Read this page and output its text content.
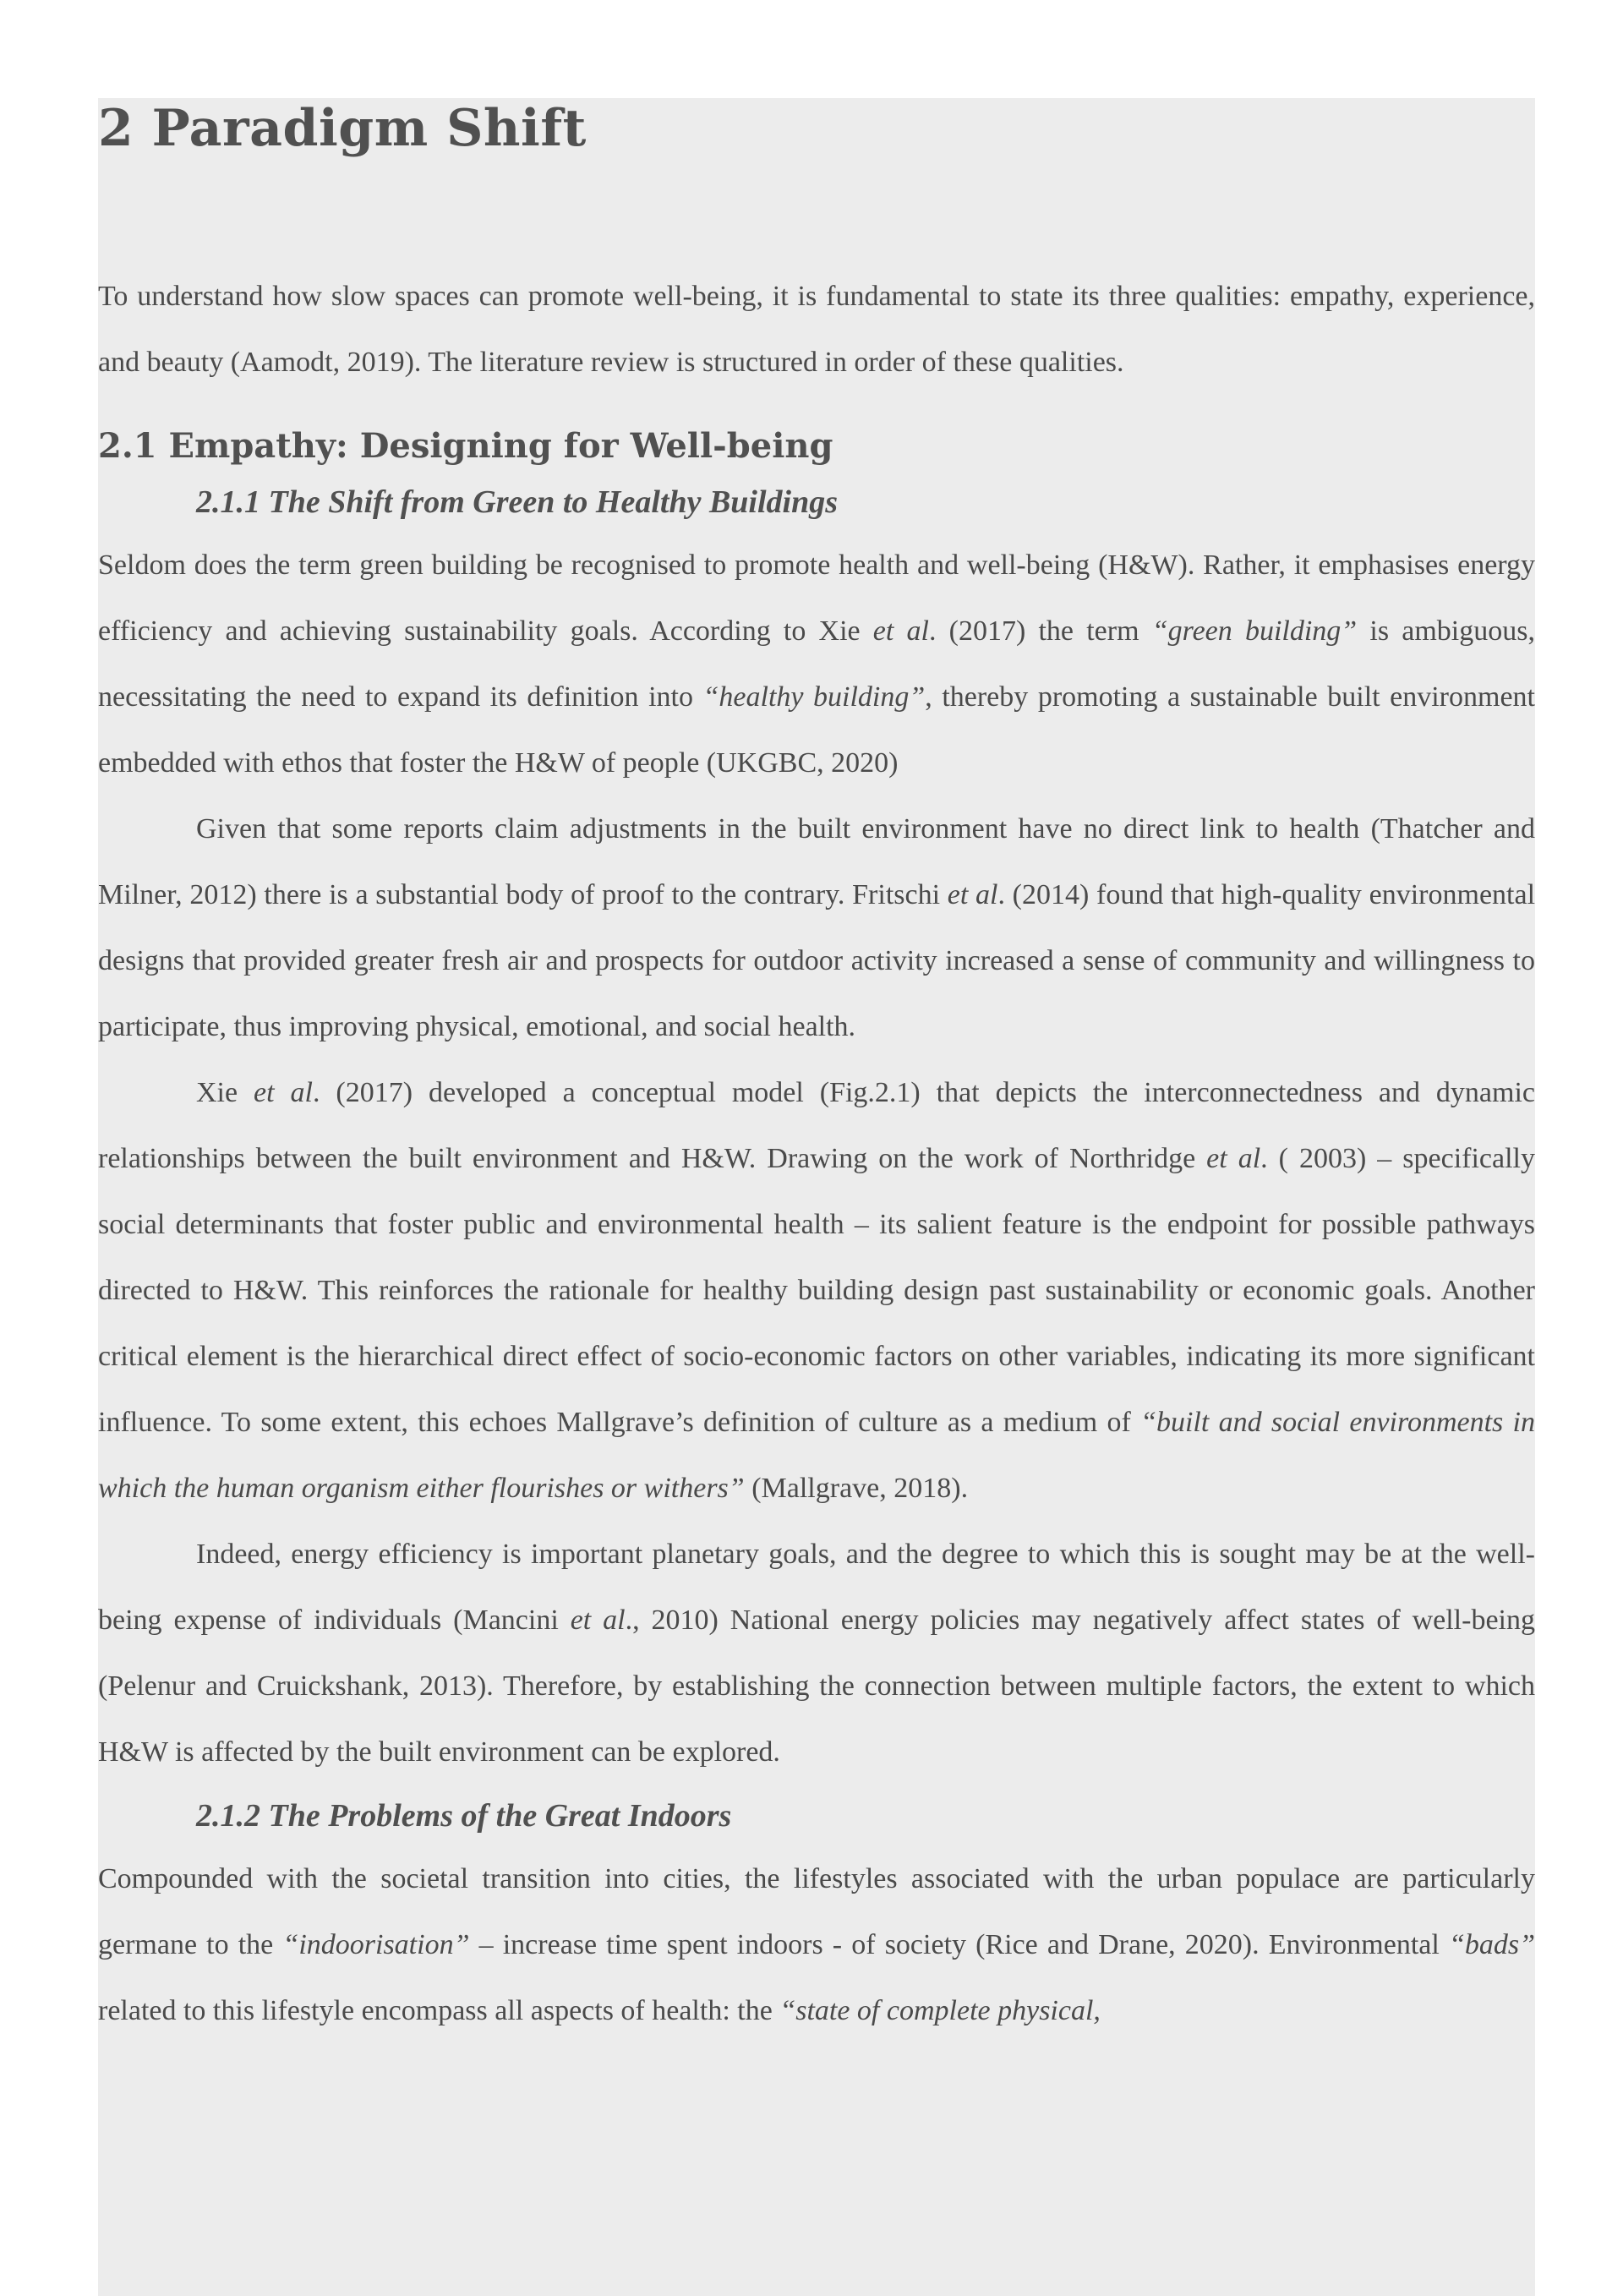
2 Paradigm Shift

To understand how slow spaces can promote well-being, it is fundamental to state its three qualities: empathy, experience, and beauty (Aamodt, 2019). The literature review is structured in order of these qualities.

2.1 Empathy: Designing for Well-being
2.1.1 The Shift from Green to Healthy Buildings

Seldom does the term green building be recognised to promote health and well-being (H&W). Rather, it emphasises energy efficiency and achieving sustainability goals. According to Xie et al. (2017) the term “green building” is ambiguous, necessitating the need to expand its definition into “healthy building”, thereby promoting a sustainable built environment embedded with ethos that foster the H&W of people (UKGBC, 2020)

Given that some reports claim adjustments in the built environment have no direct link to health (Thatcher and Milner, 2012) there is a substantial body of proof to the contrary. Fritschi et al. (2014) found that high-quality environmental designs that provided greater fresh air and prospects for outdoor activity increased a sense of community and willingness to participate, thus improving physical, emotional, and social health.

Xie et al. (2017) developed a conceptual model (Fig.2.1) that depicts the interconnectedness and dynamic relationships between the built environment and H&W. Drawing on the work of Northridge et al. ( 2003) – specifically social determinants that foster public and environmental health – its salient feature is the endpoint for possible pathways directed to H&W. This reinforces the rationale for healthy building design past sustainability or economic goals. Another critical element is the hierarchical direct effect of socio-economic factors on other variables, indicating its more significant influence. To some extent, this echoes Mallgrave’s definition of culture as a medium of “built and social environments in which the human organism either flourishes or withers” (Mallgrave, 2018).

Indeed, energy efficiency is important planetary goals, and the degree to which this is sought may be at the well-being expense of individuals (Mancini et al., 2010) National energy policies may negatively affect states of well-being (Pelenur and Cruickshank, 2013). Therefore, by establishing the connection between multiple factors, the extent to which H&W is affected by the built environment can be explored.

2.1.2 The Problems of the Great Indoors

Compounded with the societal transition into cities, the lifestyles associated with the urban populace are particularly germane to the “indoorisation” – increase time spent indoors - of society (Rice and Drane, 2020). Environmental “bads” related to this lifestyle encompass all aspects of health: the “state of complete physical,
